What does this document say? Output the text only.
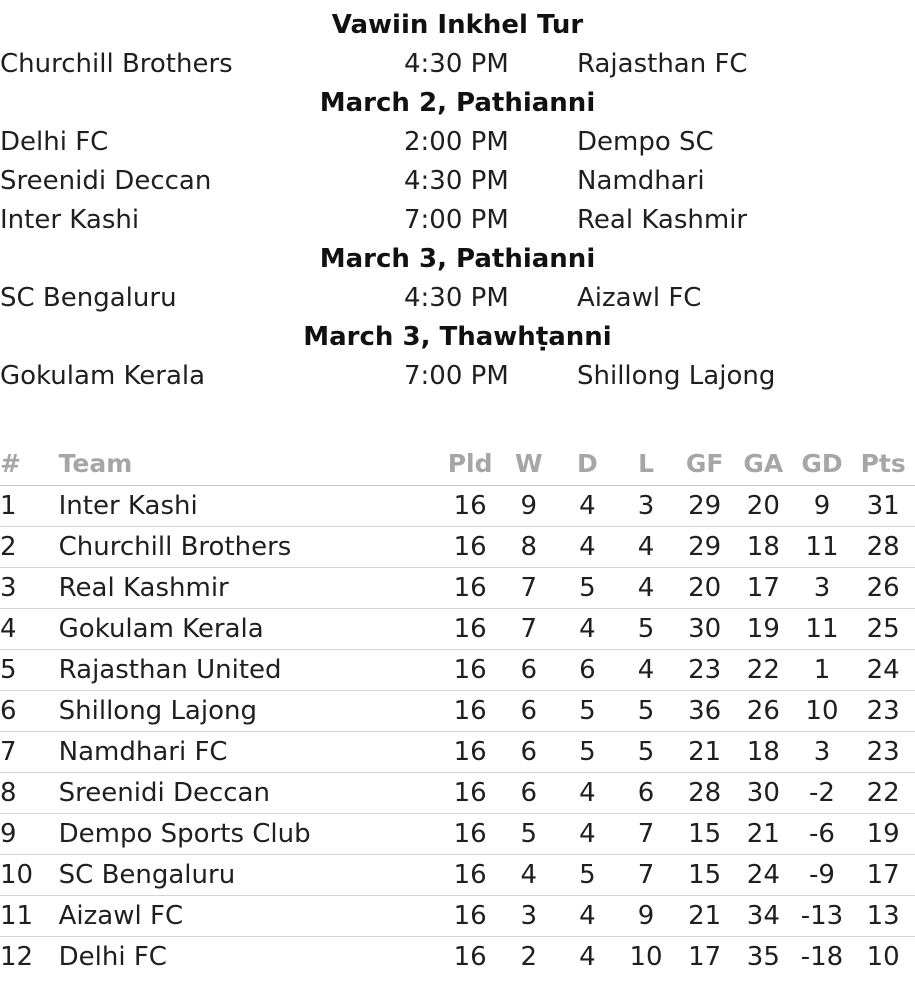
Vawiin Inkhel Tur
Churchill Brothers	4:30 PM	Rajasthan FC
March 2, Pathianni
Delhi FC	2:00 PM	Dempo SC
Sreenidi Deccan	4:30 PM	Namdhari
Inter Kashi	7:00 PM	Real Kashmir
March 3, Pathianni
SC Bengaluru	4:30 PM	Aizawl FC
March 3, Thawhṭanni
Gokulam Kerala	7:00 PM	Shillong Lajong
#	Team	Pld	W	D	L	GF	GA	GD	Pts
1	Inter Kashi	16	9	4	3	29	20	9	31
2	Churchill Brothers	16	8	4	4	29	18	11	28
3	Real Kashmir	16	7	5	4	20	17	3	26
4	Gokulam Kerala	16	7	4	5	30	19	11	25
5	Rajasthan United	16	6	6	4	23	22	1	24
6	Shillong Lajong	16	6	5	5	36	26	10	23
7	Namdhari FC	16	6	5	5	21	18	3	23
8	Sreenidi Deccan	16	6	4	6	28	30	-2	22
9	Dempo Sports Club	16	5	4	7	15	21	-6	19
10	SC Bengaluru	16	4	5	7	15	24	-9	17
11	Aizawl FC	16	3	4	9	21	34	-13	13
12	Delhi FC	16	2	4	10	17	35	-18	10
